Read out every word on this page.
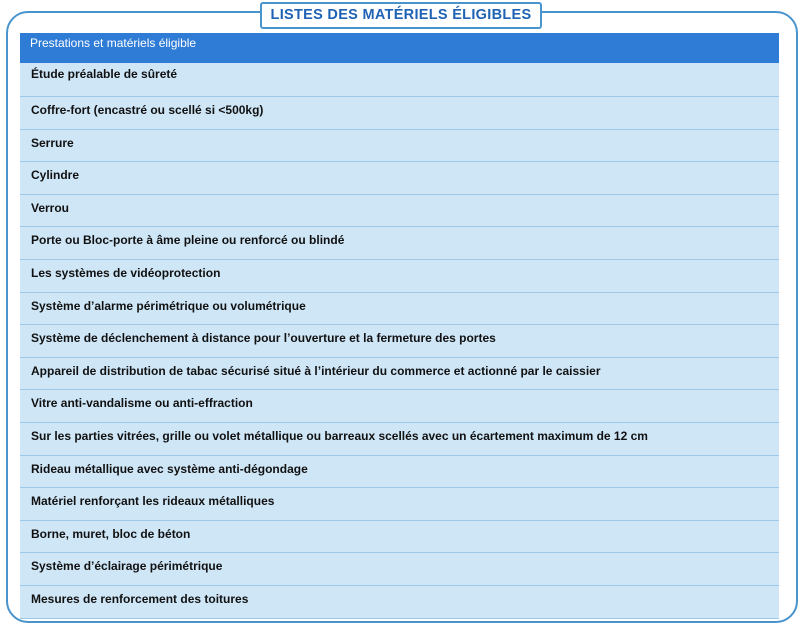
LISTES DES MATÉRIELS ÉLIGIBLES
Prestations et matériels éligible
Étude préalable de sûreté
Coffre-fort (encastré ou scellé si <500kg)
Serrure
Cylindre
Verrou
Porte ou Bloc-porte à âme pleine ou renforcé ou blindé
Les systèmes de vidéoprotection
Système d’alarme périmétrique ou volumétrique
Système de déclenchement à distance pour l’ouverture et la fermeture des portes
Appareil de distribution de tabac sécurisé situé à l’intérieur du commerce et actionné par le caissier
Vitre anti-vandalisme ou anti-effraction
Sur les parties vitrées, grille ou volet métallique ou barreaux scellés avec un écartement maximum de 12 cm
Rideau métallique avec système anti-dégondage
Matériel renforçant les rideaux métalliques
Borne, muret, bloc de béton
Système d’éclairage périmétrique
Mesures de renforcement des toitures
